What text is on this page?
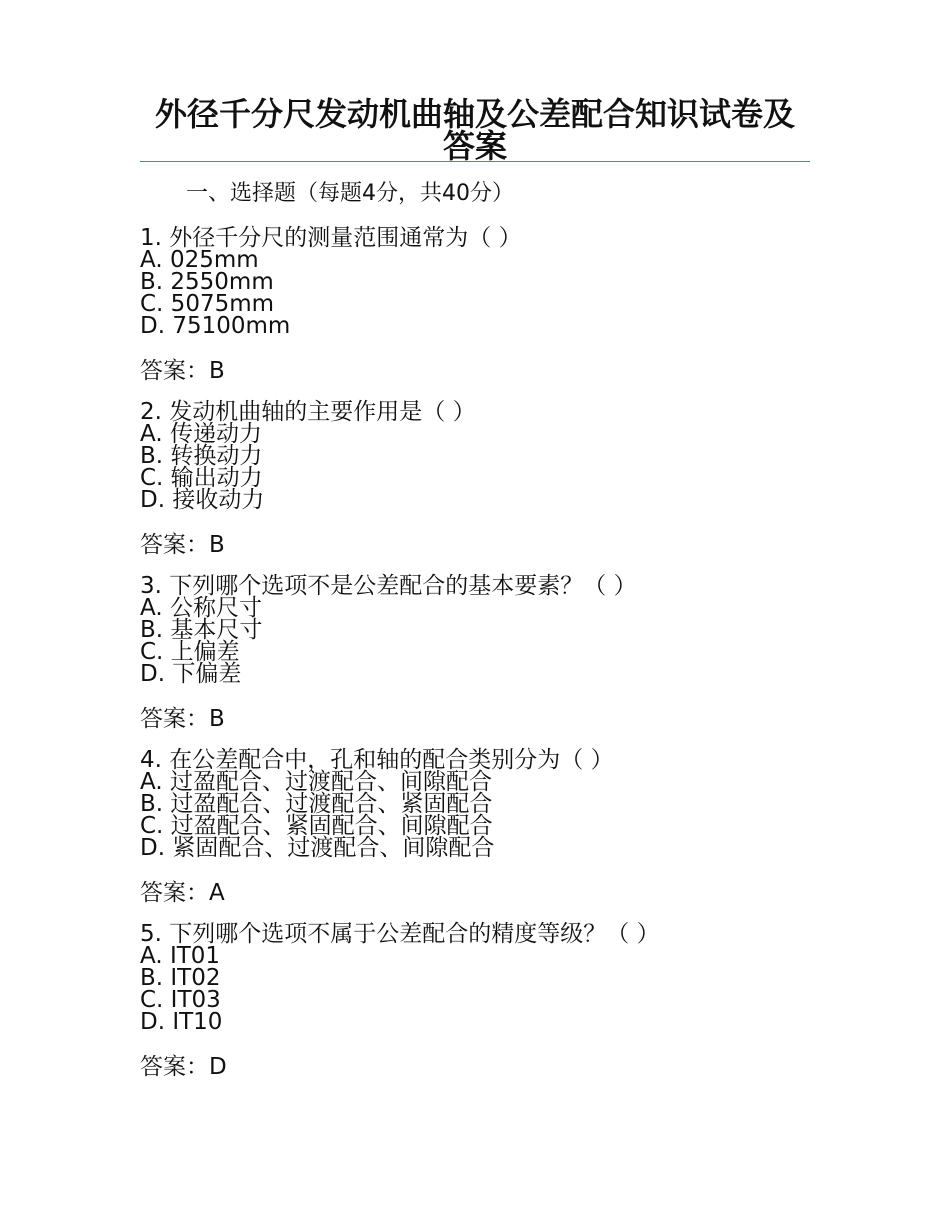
外径千分尺发动机曲轴及公差配合知识试卷及答案
一、选择题（每题4分，共40分）
1. 外径千分尺的测量范围通常为（ ）
A. 025mm
B. 2550mm
C. 5075mm
D. 75100mm
答案：B
2. 发动机曲轴的主要作用是（ ）
A. 传递动力
B. 转换动力
C. 输出动力
D. 接收动力
答案：B
3. 下列哪个选项不是公差配合的基本要素？（ ）
A. 公称尺寸
B. 基本尺寸
C. 上偏差
D. 下偏差
答案：B
4. 在公差配合中，孔和轴的配合类别分为（ ）
A. 过盈配合、过渡配合、间隙配合
B. 过盈配合、过渡配合、紧固配合
C. 过盈配合、紧固配合、间隙配合
D. 紧固配合、过渡配合、间隙配合
答案：A
5. 下列哪个选项不属于公差配合的精度等级？（ ）
A. IT01
B. IT02
C. IT03
D. IT10
答案：D
